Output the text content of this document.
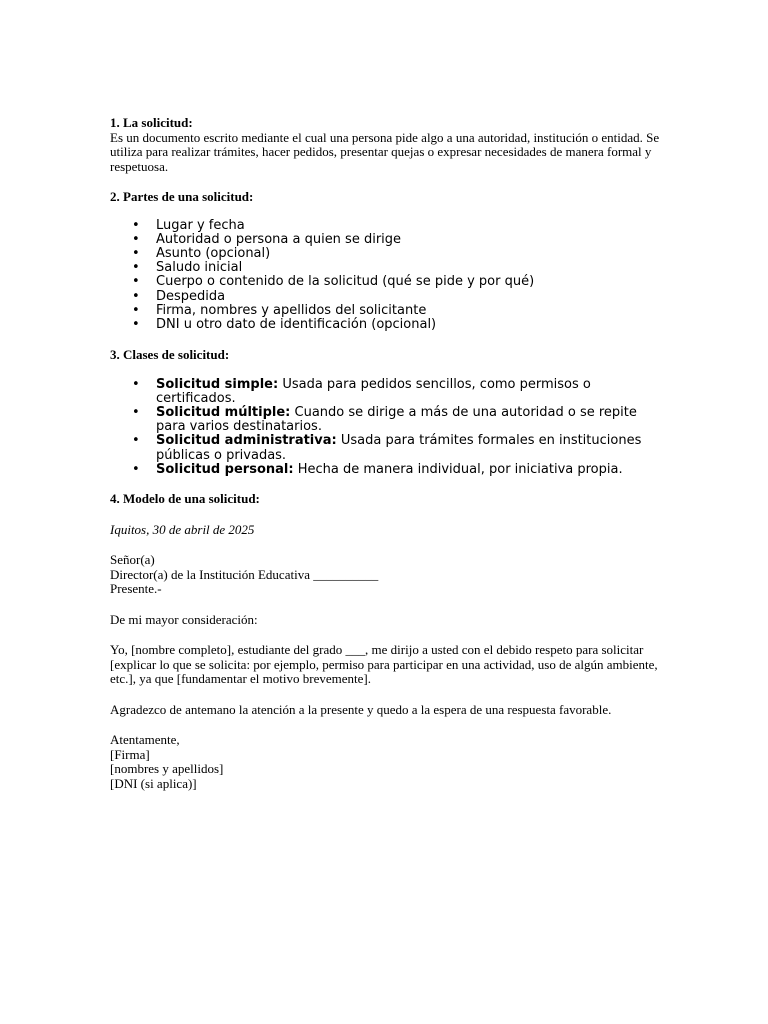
1. La solicitud:

Es un documento escrito mediante el cual una persona pide algo a una autoridad, institución o entidad. Se

utiliza para realizar trámites, hacer pedidos, presentar quejas o expresar necesidades de manera formal y

respetuosa.

2. Partes de una solicitud:

• Lugar y fecha
• Autoridad o persona a quien se dirige
• Asunto (opcional)
• Saludo inicial
• Cuerpo o contenido de la solicitud (qué se pide y por qué)
• Despedida
• Firma, nombres y apellidos del solicitante
• DNI u otro dato de identificación (opcional)

3. Clases de solicitud:

• Solicitud simple: Usada para pedidos sencillos, como permisos o
certificados.
• Solicitud múltiple: Cuando se dirige a más de una autoridad o se repite
para varios destinatarios.
• Solicitud administrativa: Usada para trámites formales en instituciones
públicas o privadas.
• Solicitud personal: Hecha de manera individual, por iniciativa propia.

4. Modelo de una solicitud:

Iquitos, 30 de abril de 2025

Señor(a)

Director(a) de la Institución Educativa __________

Presente.-

De mi mayor consideración:

Yo, [nombre completo], estudiante del grado ___, me dirijo a usted con el debido respeto para solicitar

[explicar lo que se solicita: por ejemplo, permiso para participar en una actividad, uso de algún ambiente,

etc.], ya que [fundamentar el motivo brevemente].

Agradezco de antemano la atención a la presente y quedo a la espera de una respuesta favorable.

Atentamente,

[Firma]

[nombres y apellidos]

[DNI (si aplica)]
